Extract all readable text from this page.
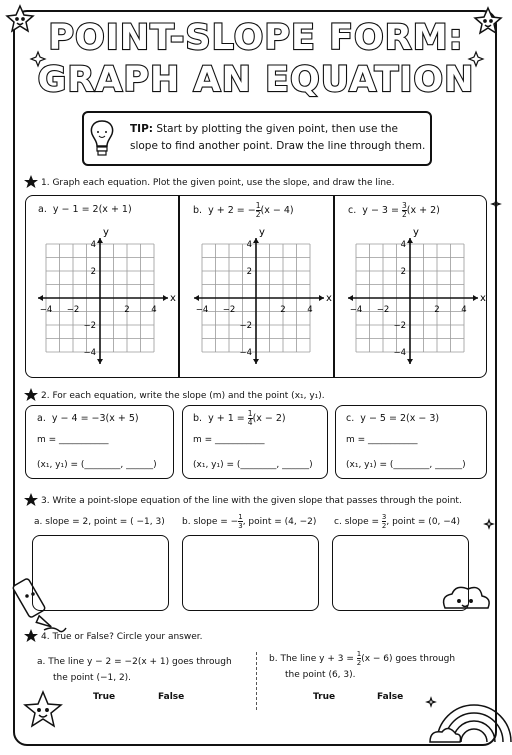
POINT-SLOPE FORM:
GRAPH AN EQUATION
TIP: Start by plotting the given point, then use the slope to find another point. Draw the line through them.
1. Graph each equation. Plot the given point, use the slope, and draw the line.
a. y − 1 = 2(x + 1)	b. y + 2 = − $\frac{1}{2} (x - 4)$	c. $y - 3 = \frac{3}{2} (x + 2)$
x
y
−4 −2	2	4
4
2
−2
−4
x
y
−4 −2	2	4
4
2
−2
−4
x
y
−4 −2	2	4
4
2
−2
−4
2. For each equation, write the slope (m) and the point (x₁, y₁).
a. y − 4 = −3(x + 5)	b. $y + 1 = \frac{1}{4} (x - 2)$	c. y − 5 = 2(x − 3)
m = ___________	m = ___________	m = ___________
(x₁, y₁) = (________, ______)	(x₁, y₁) = (________, ______)	(x₁, y₁) = (________, ______)
3. Write a point-slope equation of the line with the given slope that passes through the point.
a. slope = 2, point = ( −1, 3) b. slope = − $\frac{1}{3}$ , point = (4, −2) c. slope = $\frac{3}{2}$ , point = (0, −4)
4. True or False? Circle your answer.
a. The line y − 2 = −2(x + 1) goes through
the point (−1, 2).
True	False
b. The line $y + 3 = \frac{1}{2} (x - 6)$ goes through
the point (6, 3).
True	False
